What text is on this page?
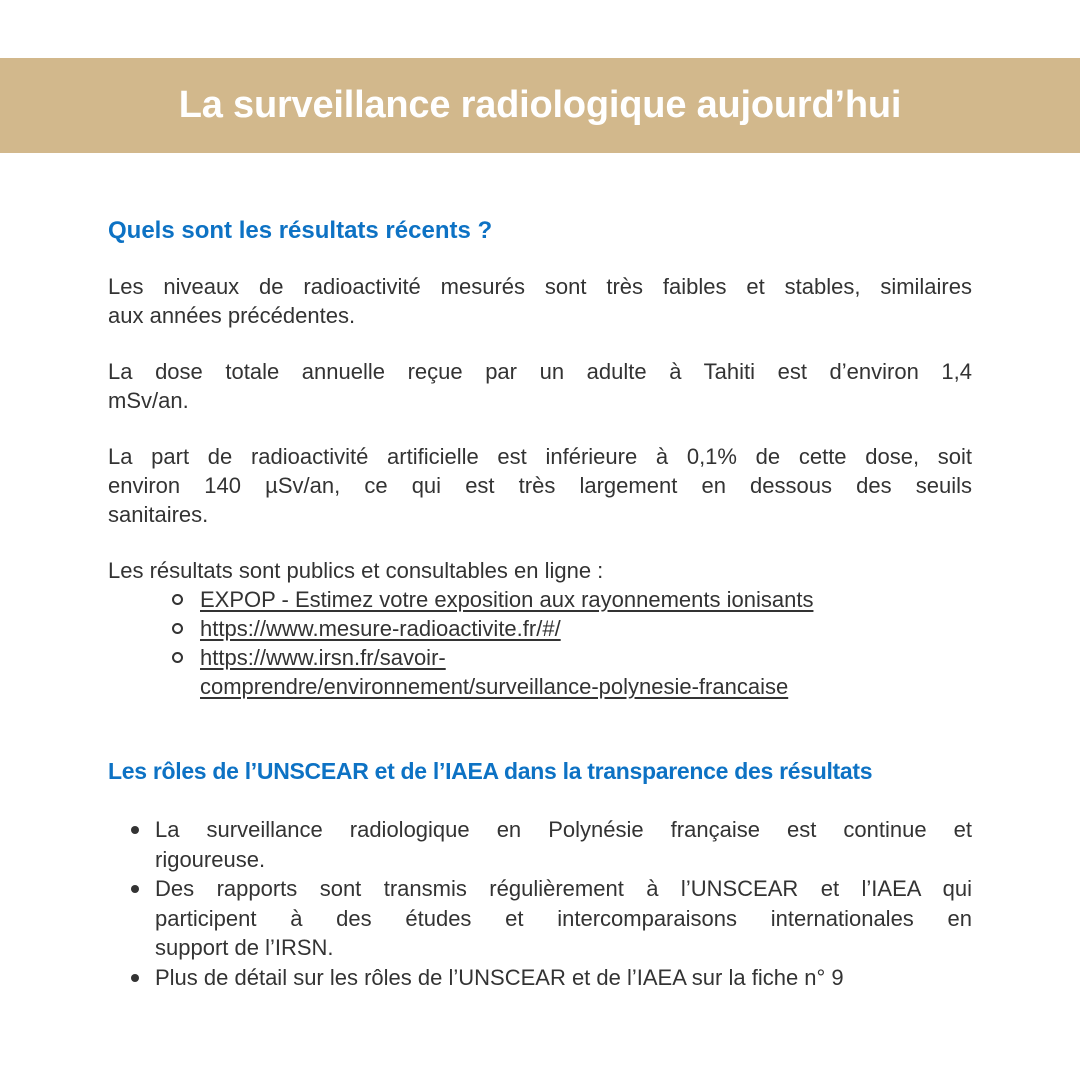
La surveillance radiologique aujourd’hui
Quels sont les résultats récents ?

Les niveaux de radioactivité mesurés sont très faibles et stables, similaires
aux années précédentes.

La dose totale annuelle reçue par un adulte à Tahiti est d’environ 1,4
mSv/an.

La part de radioactivité artificielle est inférieure à 0,1% de cette dose, soit
environ 140 µSv/an, ce qui est très largement en dessous des seuils
sanitaires.

Les résultats sont publics et consultables en ligne :

EXPOP - Estimez votre exposition aux rayonnements ionisants
https://www.mesure-radioactivite.fr/#/
https://www.irsn.fr/savoir-
comprendre/environnement/surveillance-polynesie-francaise
Les rôles de l’UNSCEAR et de l’IAEA dans la transparence des résultats
La surveillance radiologique en Polynésie française est continue et
rigoureuse.
Des rapports sont transmis régulièrement à l’UNSCEAR et l’IAEA qui
participent à des études et intercomparaisons internationales en
support de l’IRSN.
Plus de détail sur les rôles de l’UNSCEAR et de l’IAEA sur la fiche n° 9
